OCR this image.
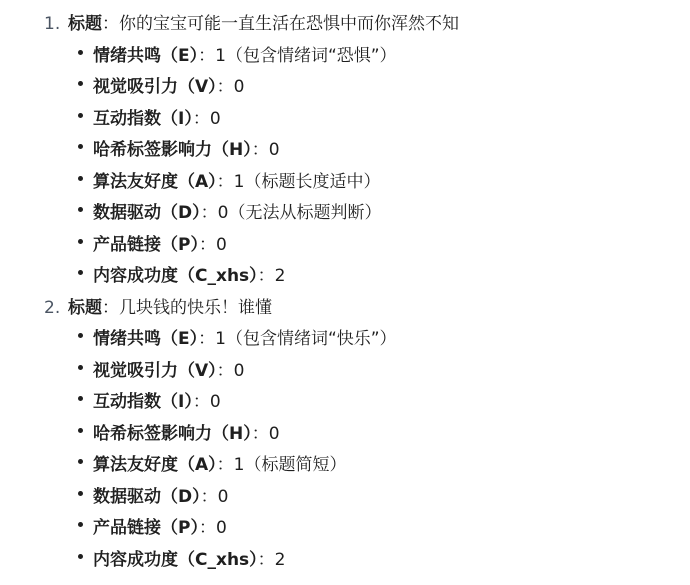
1. 标题：你的宝宝可能一直生活在恐惧中而你浑然不知
情绪共鸣（E）：1（包含情绪词“恐惧”）
视觉吸引力（V）：0
互动指数（I）：0
哈希标签影响力（H）：0
算法友好度（A）：1（标题长度适中）
数据驱动（D）：0（无法从标题判断）
产品链接（P）：0
内容成功度（C_xhs）：2
2. 标题：几块钱的快乐！谁懂
情绪共鸣（E）：1（包含情绪词“快乐”）
视觉吸引力（V）：0
互动指数（I）：0
哈希标签影响力（H）：0
算法友好度（A）：1（标题简短）
数据驱动（D）：0
产品链接（P）：0
内容成功度（C_xhs）：2
